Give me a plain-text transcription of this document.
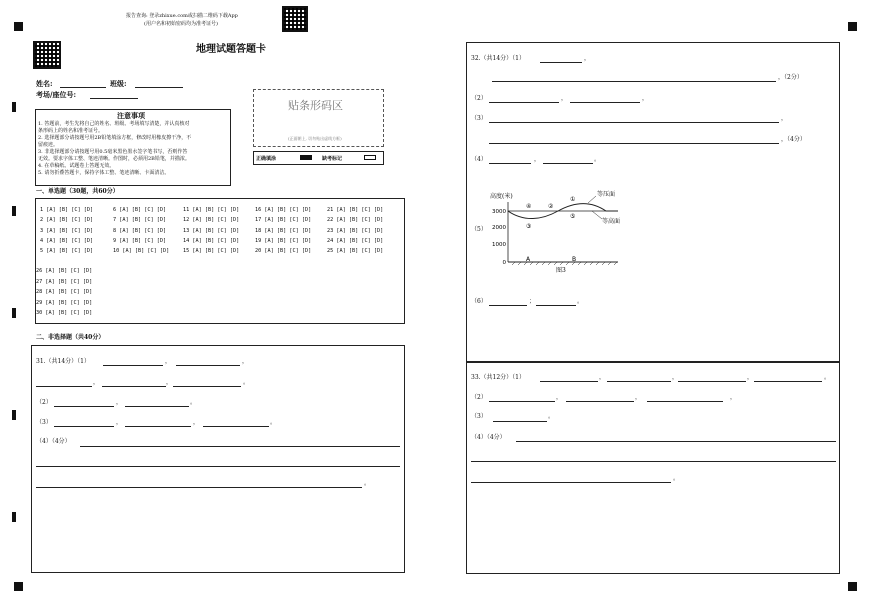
报告查询: 登录zhixue.com或扫描二维码下载App
(用户名和初始密码均为准考证号)
地理试题答题卡
姓名:	班级:
考场/座位号:
注意事项
1. 答题前，考生先将自己的姓名、班级、考场填写清楚，并认真核对
条形码上的姓名和准考证号。
2. 选择题部分请按题号用2B铅笔填涂方框，修改时用橡皮擦干净，不
留痕迹。
3. 非选择题部分请按题号用0.5毫米黑色墨水签字笔书写，否则作答
无效。要求字体工整、笔迹清晰。作图时，必须用2B铅笔，并描浓。
4. 在草稿纸、试题卷上答题无效。
5. 请勿折叠答题卡，保持字体工整、笔迹清晰、卡面清洁。
贴条形码区
(正面朝上, 切勿贴出虚线方框)
正确填涂	缺考标记
一、单选题（30题，共60分）
1 [A] [B] [C] [D]
2 [A] [B] [C] [D]
3 [A] [B] [C] [D]
4 [A] [B] [C] [D]
5 [A] [B] [C] [D]
6 [A] [B] [C] [D]
7 [A] [B] [C] [D]
8 [A] [B] [C] [D]
9 [A] [B] [C] [D]
10 [A] [B] [C] [D]
11 [A] [B] [C] [D]
12 [A] [B] [C] [D]
13 [A] [B] [C] [D]
14 [A] [B] [C] [D]
15 [A] [B] [C] [D]
16 [A] [B] [C] [D]
17 [A] [B] [C] [D]
18 [A] [B] [C] [D]
19 [A] [B] [C] [D]
20 [A] [B] [C] [D]
21 [A] [B] [C] [D]
22 [A] [B] [C] [D]
23 [A] [B] [C] [D]
24 [A] [B] [C] [D]
25 [A] [B] [C] [D]
26 [A] [B] [C] [D]
27 [A] [B] [C] [D]
28 [A] [B] [C] [D]
29 [A] [B] [C] [D]
30 [A] [B] [C] [D]
二、非选择题（共40分）
31.（共14分）（1）	，	，
，	，	。
（2）	，	。
（3）	，	，	。
（4）（4分）
。
32.（共14分）（1）	，
，（2分）
（2）	，	，
（3）	，
，（4分）
（4）	，	。
（5）
高度(米)
3000
2000
1000
0
等压面
等高面
①
②
③
④
⑤
A	B
图3
（6）	；	。
33.（共12分）（1）	，	，	，	。
（2）	，	，	，
（3）	。
（4）（4分）
。
